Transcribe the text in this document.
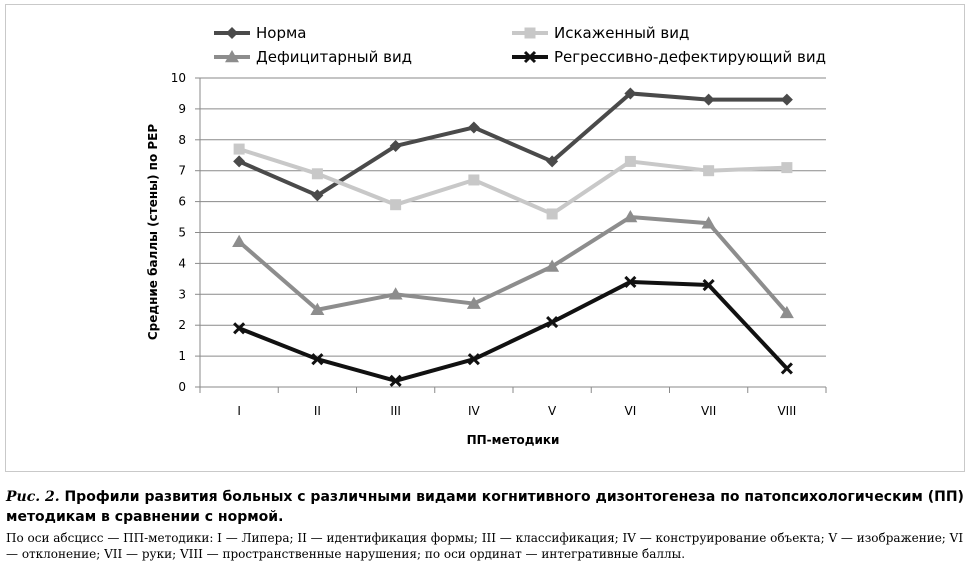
0
1
2
3
4
5
6
7
8
9
10
I	II	III	IV	V	VI	VII	VIII
Норма	Искаженный вид
Дефицитарный вид	Регрессивно-дефектирующий вид
Средние баллы (стены) по РЕР
ПП-методики
Рис. 2. Профили развития больных с различными видами когнитивного дизонтогенеза по патопсихологическим (ПП) методикам в сравнении с нормой.
По оси абсцисс — ПП-методики: I — Липера; II — идентификация формы; III — классификация; IV — конструирование объекта; V — изображение; VI — отклонение; VII — руки; VIII — пространственные нарушения; по оси ординат — интегративные баллы.
